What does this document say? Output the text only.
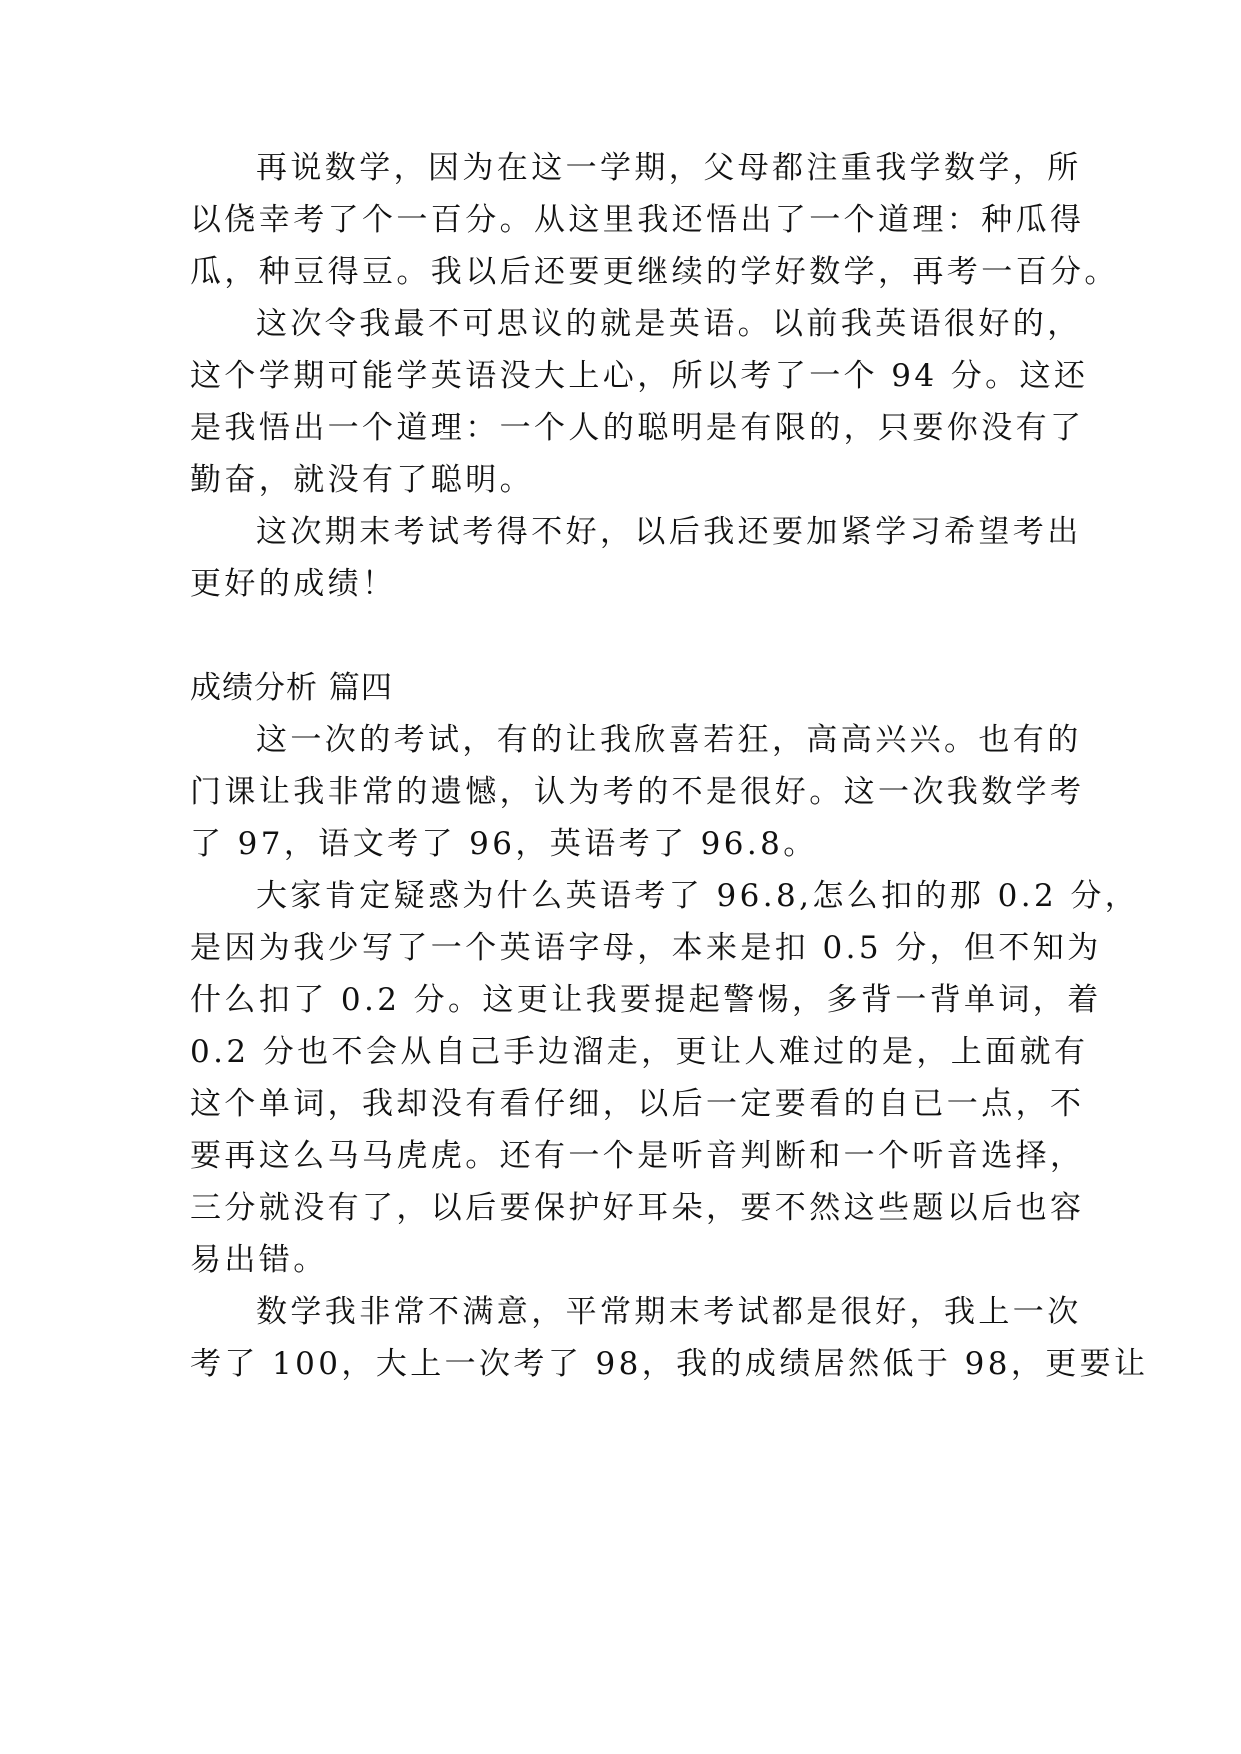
再说数学，因为在这一学期，父母都注重我学数学，所
以侥幸考了个一百分。从这里我还悟出了一个道理：种瓜得
瓜，种豆得豆。我以后还要更继续的学好数学，再考一百分。
这次令我最不可思议的就是英语。以前我英语很好的，
这个学期可能学英语没大上心，所以考了一个 94 分。这还
是我悟出一个道理：一个人的聪明是有限的，只要你没有了
勤奋，就没有了聪明。
这次期末考试考得不好，以后我还要加紧学习希望考出
更好的成绩！
成绩分析 篇四
这一次的考试，有的让我欣喜若狂，高高兴兴。也有的
门课让我非常的遗憾，认为考的不是很好。这一次我数学考
了 97，语文考了 96，英语考了 96.8。
大家肯定疑惑为什么英语考了 96.8,怎么扣的那 0.2 分，
是因为我少写了一个英语字母，本来是扣 0.5 分，但不知为
什么扣了 0.2 分。这更让我要提起警惕，多背一背单词，着
0.2 分也不会从自己手边溜走，更让人难过的是，上面就有
这个单词，我却没有看仔细，以后一定要看的自已一点，不
要再这么马马虎虎。还有一个是听音判断和一个听音选择，
三分就没有了，以后要保护好耳朵，要不然这些题以后也容
易出错。
数学我非常不满意，平常期末考试都是很好，我上一次
考了 100，大上一次考了 98，我的成绩居然低于 98，更要让
